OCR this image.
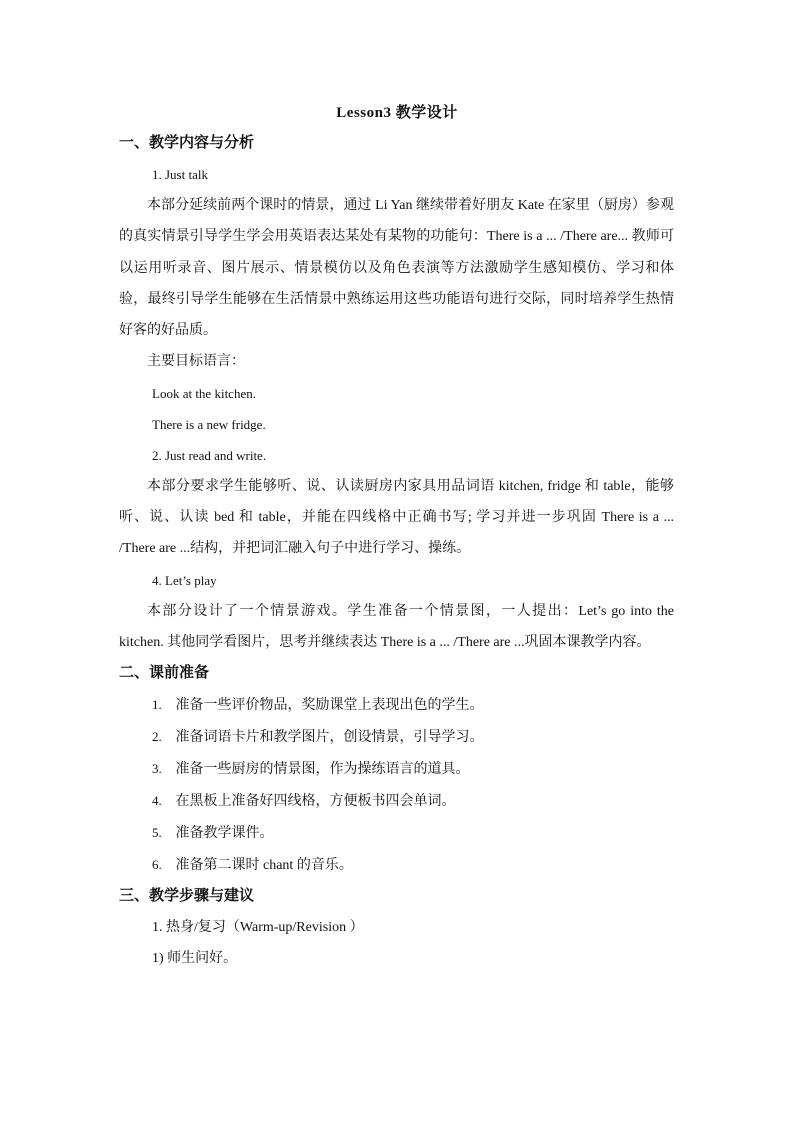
Lesson3 教学设计
一、教学内容与分析
1. Just talk
本部分延续前两个课时的情景，通过 Li Yan 继续带着好朋友 Kate 在家里（厨房）参观的真实情景引导学生学会用英语表达某处有某物的功能句：There is a ... /There are... 教师可以运用听录音、图片展示、情景模仿以及角色表演等方法激励学生感知模仿、学习和体验，最终引导学生能够在生活情景中熟练运用这些功能语句进行交际，同时培养学生热情好客的好品质。
主要目标语言：
Look at the kitchen.
There is a new fridge.
2. Just read and write.
本部分要求学生能够听、说、认读厨房内家具用品词语 kitchen, fridge 和 table，能够听、说、认读 bed 和 table，并能在四线格中正确书写; 学习并进一步巩固 There is a ... /There are ...结构，并把词汇融入句子中进行学习、操练。
4. Let’s play
本部分设计了一个情景游戏。学生准备一个情景图，一人提出：Let’s go into the kitchen. 其他同学看图片，思考并继续表达 There is a ... /There are ...巩固本课教学内容。
二、课前准备
1. 准备一些评价物品，奖励课堂上表现出色的学生。
2. 准备词语卡片和教学图片，创设情景，引导学习。
3. 准备一些厨房的情景图，作为操练语言的道具。
4. 在黑板上准备好四线格，方便板书四会单词。
5. 准备教学课件。
6. 准备第二课时 chant 的音乐。
三、教学步骤与建议
1. 热身/复习（Warm-up/Revision ）
1) 师生问好。
